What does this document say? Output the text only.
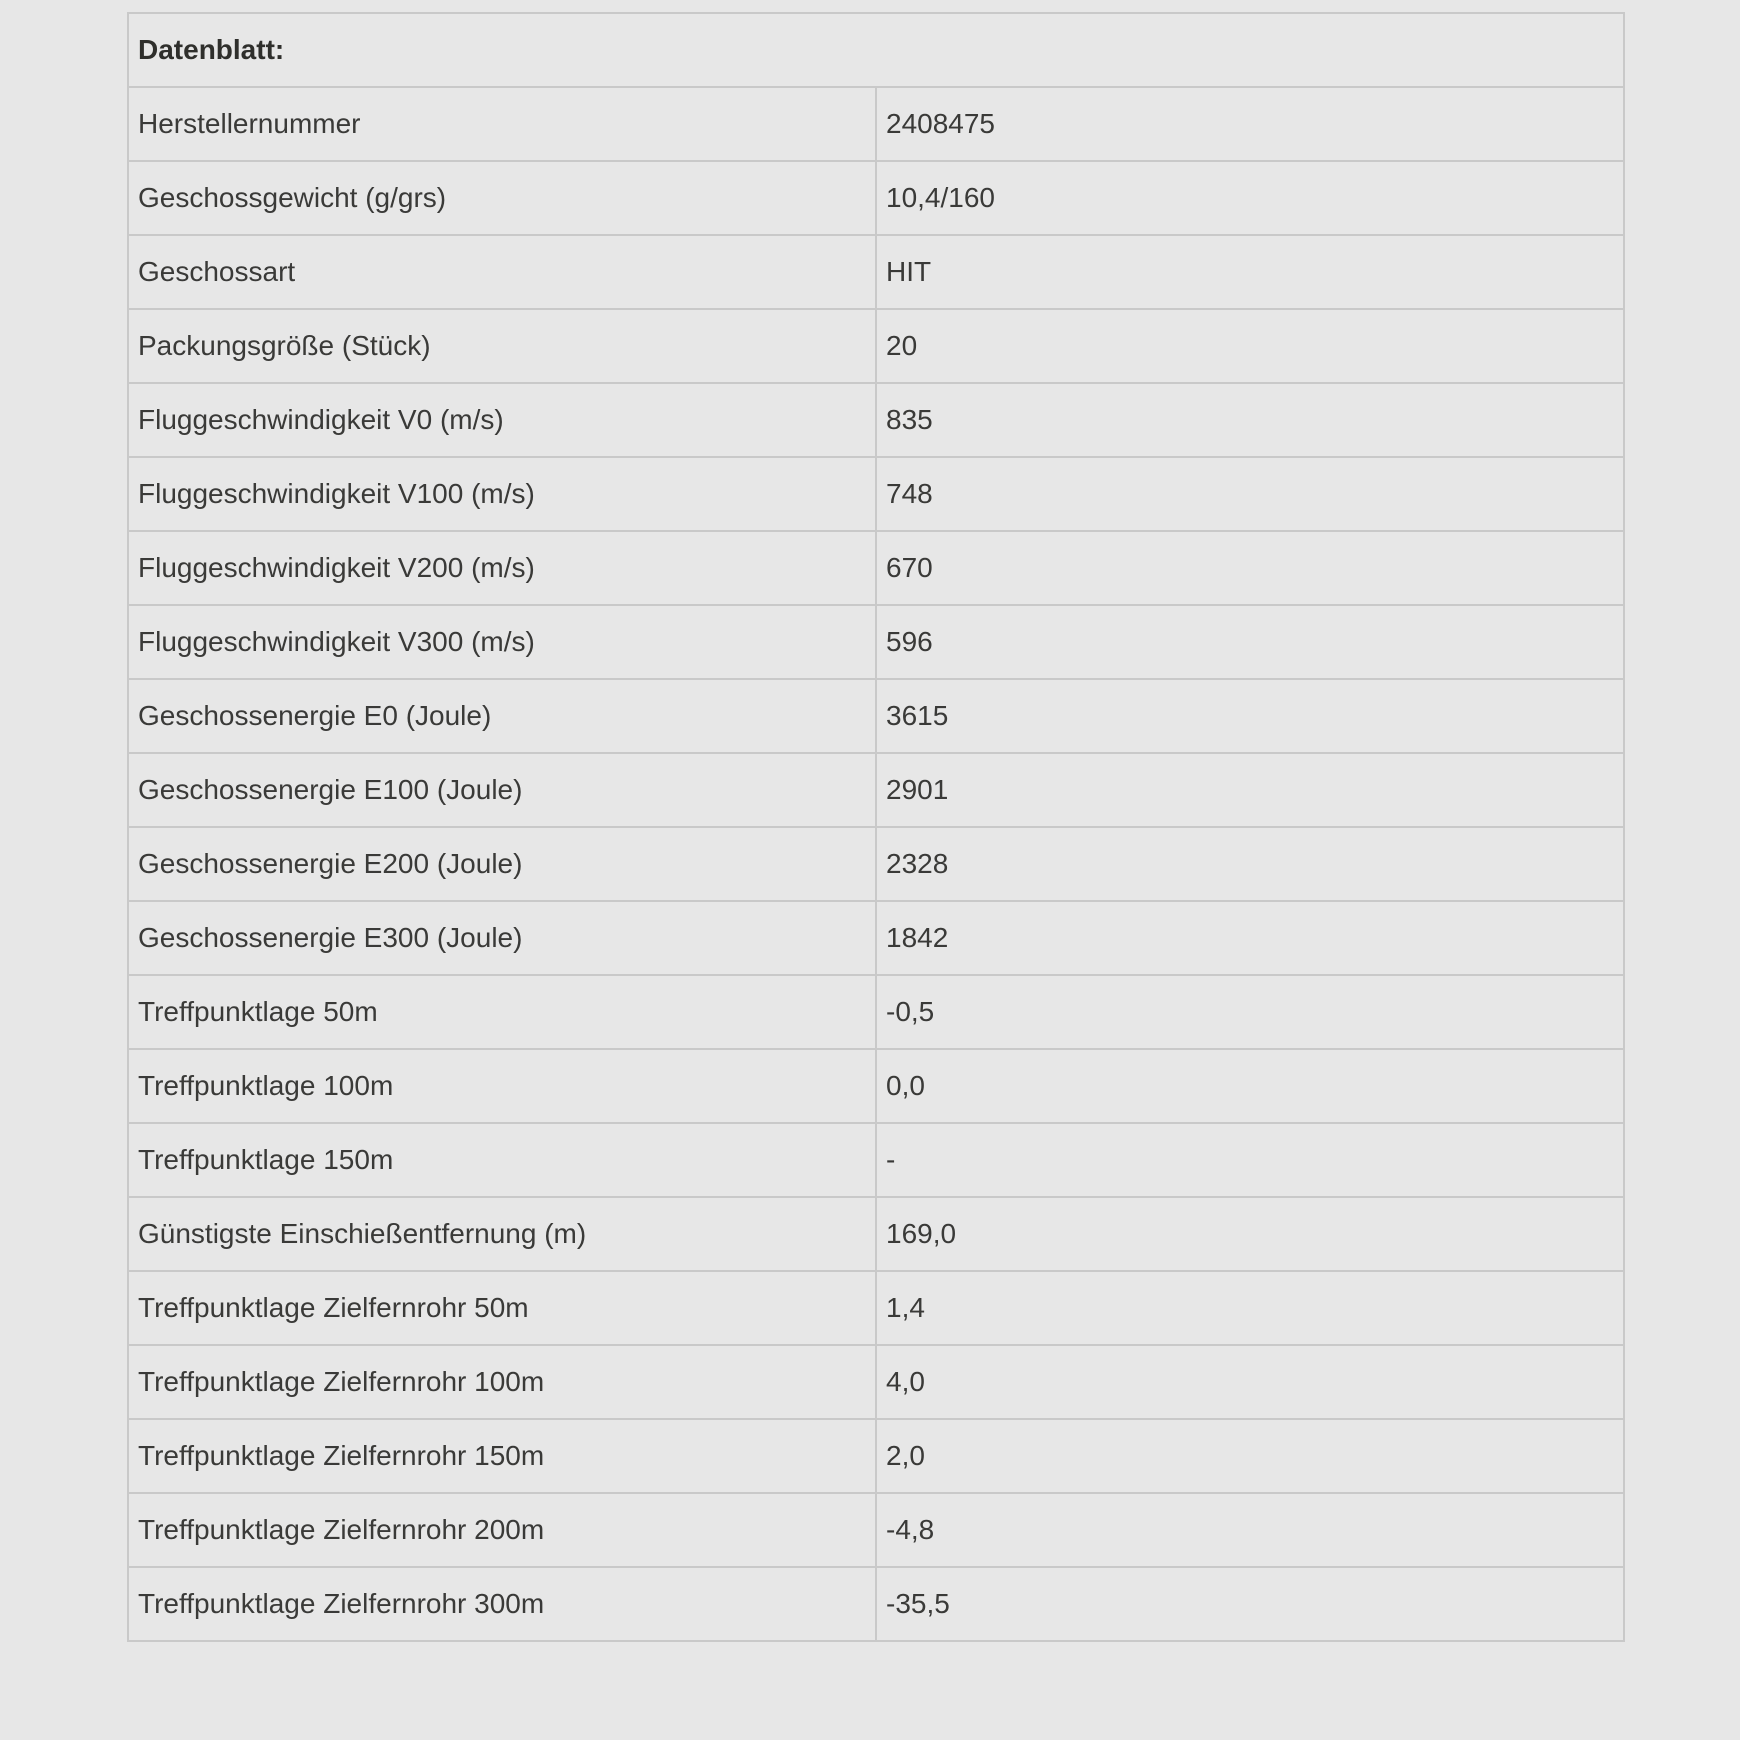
Datenblatt:	
Herstellernummer	2408475
Geschossgewicht (g/grs)	10,4/160
Geschossart	HIT
Packungsgröße (Stück)	20
Fluggeschwindigkeit V0 (m/s)	835
Fluggeschwindigkeit V100 (m/s)	748
Fluggeschwindigkeit V200 (m/s)	670
Fluggeschwindigkeit V300 (m/s)	596
Geschossenergie E0 (Joule)	3615
Geschossenergie E100 (Joule)	2901
Geschossenergie E200 (Joule)	2328
Geschossenergie E300 (Joule)	1842
Treffpunktlage 50m	-0,5
Treffpunktlage 100m	0,0
Treffpunktlage 150m	-
Günstigste Einschießentfernung (m)	169,0
Treffpunktlage Zielfernrohr 50m	1,4
Treffpunktlage Zielfernrohr 100m	4,0
Treffpunktlage Zielfernrohr 150m	2,0
Treffpunktlage Zielfernrohr 200m	-4,8
Treffpunktlage Zielfernrohr 300m	-35,5
